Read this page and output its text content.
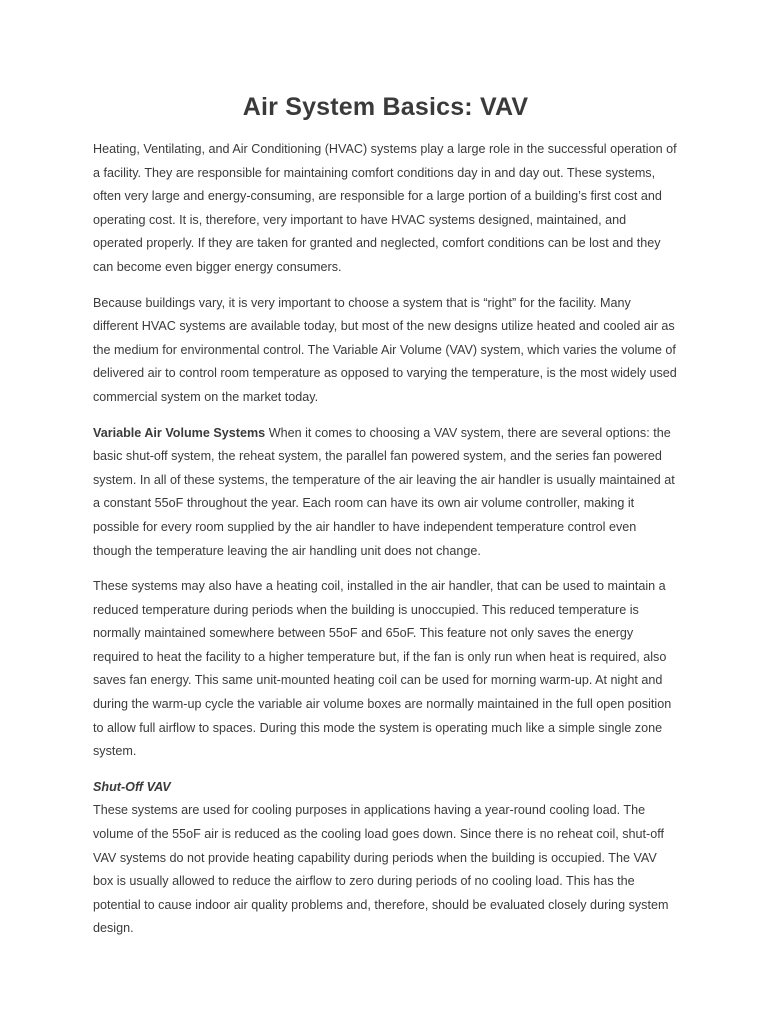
Air System Basics: VAV

Heating, Ventilating, and Air Conditioning (HVAC) systems play a large role in the successful operation of a facility. They are responsible for maintaining comfort conditions day in and day out. These systems, often very large and energy-consuming, are responsible for a large portion of a building’s first cost and operating cost. It is, therefore, very important to have HVAC systems designed, maintained, and operated properly. If they are taken for granted and neglected, comfort conditions can be lost and they can become even bigger energy consumers.

Because buildings vary, it is very important to choose a system that is “right” for the facility. Many different HVAC systems are available today, but most of the new designs utilize heated and cooled air as the medium for environmental control. The Variable Air Volume (VAV) system, which varies the volume of delivered air to control room temperature as opposed to varying the temperature, is the most widely used commercial system on the market today.

Variable Air Volume Systems When it comes to choosing a VAV system, there are several options: the basic shut-off system, the reheat system, the parallel fan powered system, and the series fan powered system. In all of these systems, the temperature of the air leaving the air handler is usually maintained at a constant 55oF throughout the year. Each room can have its own air volume controller, making it possible for every room supplied by the air handler to have independent temperature control even though the temperature leaving the air handling unit does not change.

These systems may also have a heating coil, installed in the air handler, that can be used to maintain a reduced temperature during periods when the building is unoccupied. This reduced temperature is normally maintained somewhere between 55oF and 65oF. This feature not only saves the energy required to heat the facility to a higher temperature but, if the fan is only run when heat is required, also saves fan energy. This same unit-mounted heating coil can be used for morning warm-up. At night and during the warm-up cycle the variable air volume boxes are normally maintained in the full open position to allow full airflow to spaces. During this mode the system is operating much like a simple single zone system.

Shut-Off VAV

These systems are used for cooling purposes in applications having a year-round cooling load. The volume of the 55oF air is reduced as the cooling load goes down. Since there is no reheat coil, shut-off VAV systems do not provide heating capability during periods when the building is occupied. The VAV box is usually allowed to reduce the airflow to zero during periods of no cooling load. This has the potential to cause indoor air quality problems and, therefore, should be evaluated closely during system design.
